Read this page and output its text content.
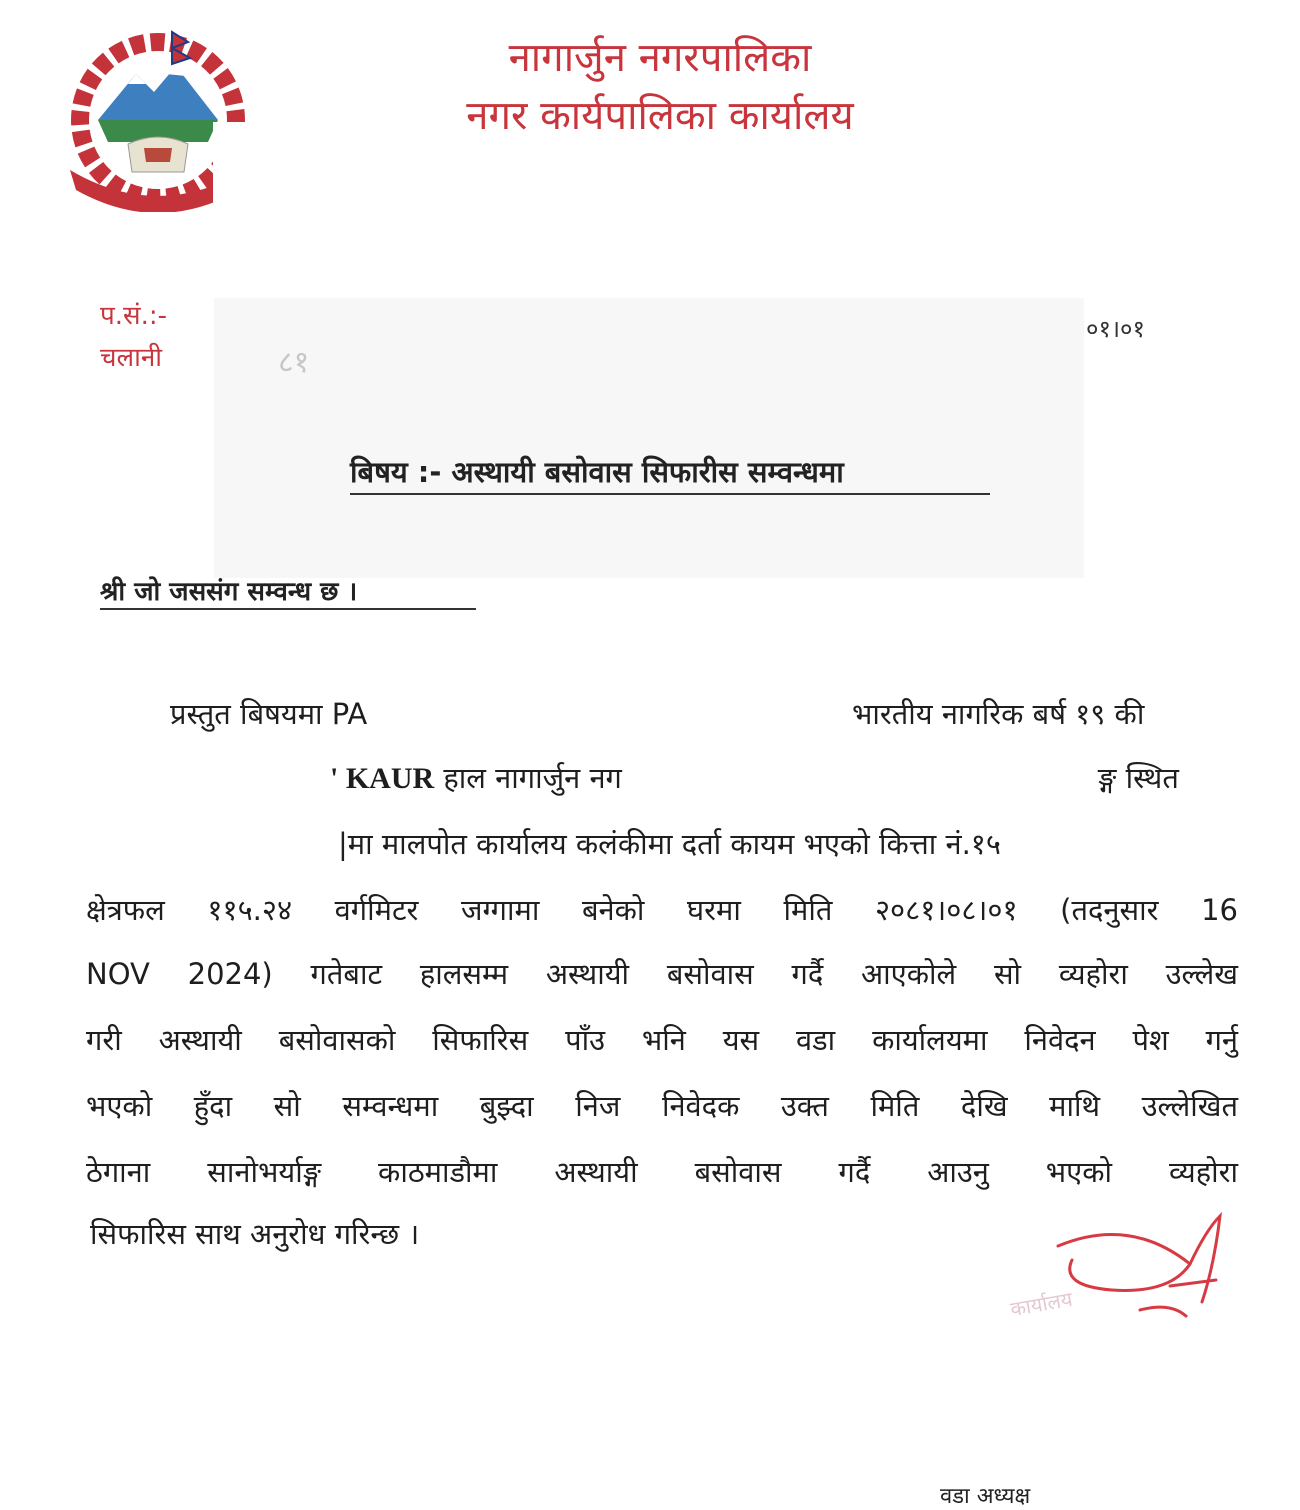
नागार्जुन नगरपालिका
नगर कार्यपालिका कार्यालय
प.सं.:-
चलानी
०१।०१
८१
बिषय :- अस्थायी बसोवास सिफारीस सम्वन्धमा
श्री जो जससंग सम्वन्ध छ ।
प्रस्तुत बिषयमा PA	भारतीय नागरिक बर्ष १९ की
' KAUR हाल नागार्जुन नग	ङ्ग स्थित
|मा मालपोत कार्यालय कलंकीमा दर्ता कायम भएको कित्ता नं.१५
क्षेत्रफल ११५.२४ वर्गमिटर जग्गामा बनेको घरमा मिति २०८१।०८।०१ (तदनुसार 16
NOV 2024) गतेबाट हालसम्म अस्थायी बसोवास गर्दै आएकोले सो व्यहोरा उल्लेख
गरी अस्थायी बसोवासको सिफारिस पाँउ भनि यस वडा कार्यालयमा निवेदन पेश गर्नु
भएको हुँदा सो सम्वन्धमा बुझ्दा निज निवेदक उक्त मिति देखि माथि उल्लेखित
ठेगाना सानोभर्याङ्ग काठमाडौमा अस्थायी बसोवास गर्दै आउनु भएको व्यहोरा
सिफारिस साथ अनुरोध गरिन्छ ।
कार्यालय
वडा अध्यक्ष
